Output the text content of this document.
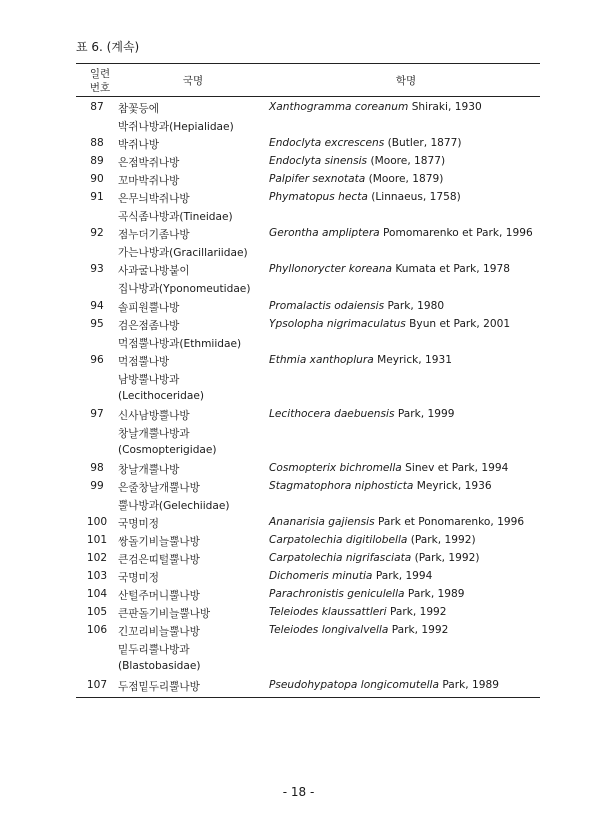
표 6. (계속)
일련
번호
국명	학명
87	참꽃등에	Xanthogramma coreanum Shiraki, 1930
박쥐나방과(Hepialidae)
88	박쥐나방	Endoclyta excrescens (Butler, 1877)
89	은점박쥐나방	Endoclyta sinensis (Moore, 1877)
90	꼬마박쥐나방	Palpifer sexnotata (Moore, 1879)
91	은무늬박쥐나방	Phymatopus hecta (Linnaeus, 1758)
곡식좀나방과(Tineidae)
92	점누더기좀나방	Gerontha ampliptera Pomomarenko et Park, 1996
가는나방과(Gracillariidae)
93	사과굴나방붙이	Phyllonorycter koreana Kumata et Park, 1978
집나방과(Yponomeutidae)
94	솔피원뿔나방	Promalactis odaiensis Park, 1980
95	검은점좀나방	Ypsolopha nigrimaculatus Byun et Park, 2001
먹점뿔나방과(Ethmiidae)
96	먹점뿔나방	Ethmia xanthoplura Meyrick, 1931
남방뿔나방과
(Lecithoceridae)
97	신사남방뿔나방	Lecithocera daebuensis Park, 1999
창날개뿔나방과
(Cosmopterigidae)
98	창날개뿔나방	Cosmopterix bichromella Sinev et Park, 1994
99	은줄창날개뿔나방	Stagmatophora niphosticta Meyrick, 1936
뿔나방과(Gelechiidae)
100	국명미정	Ananarisia gajiensis Park et Ponomarenko, 1996
101	쌍돌기비늘뿔나방	Carpatolechia digitilobella (Park, 1992)
102	큰검은띠털뿔나방	Carpatolechia nigrifasciata (Park, 1992)
103	국명미정	Dichomeris minutia Park, 1994
104	산털주머니뿔나방	Parachronistis geniculella Park, 1989
105	큰판돌기비늘뿔나방	Teleiodes klaussattleri Park, 1992
106	긴꼬리비늘뿔나방	Teleiodes longivalvella Park, 1992
밑두리뿔나방과
(Blastobasidae)
107	두점밑두리뿔나방	Pseudohypatopa longicomutella Park, 1989
- 18 -
